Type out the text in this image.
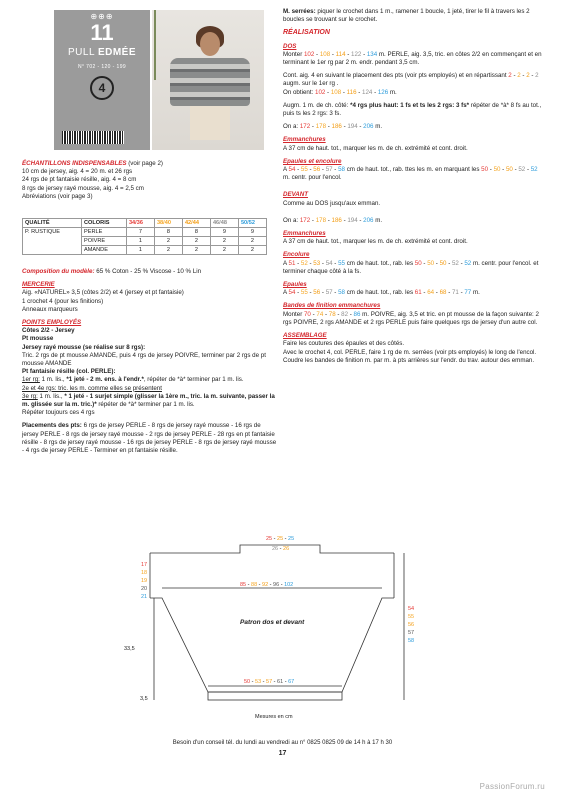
⊕⊕⊕
11
PULL EDMÉE
N° 702 - 120 - 199
4

ÉCHANTILLONS INDISPENSABLES (voir page 2)

10 cm de jersey, aig. 4 = 20 m. et 26 rgs

24 rgs de pt fantaisie résille, aig. 4 = 8 cm

8 rgs de jersey rayé mousse, aig. 4 = 2,5 cm

Abréviations (voir page 3)

QUALITÉ	COLORIS	34/36	38/40	42/44	46/48	50/52
P. RUSTIQUE	PERLE	7	8	8	9	9
	POIVRE	1	2	2	2	2
	AMANDE	1	2	2	2	2

Composition du modèle: 65 % Coton - 25 % Viscose - 10 % Lin

MERCERIE

Aig. «NATUREL» 3,5 (côtes 2/2) et 4 (jersey et pt fantaisie)

1 crochet 4 (pour les finitions)

Anneaux marqueurs

POINTS EMPLOYÉS

Côtes 2/2 - Jersey

Pt mousse

Jersey rayé mousse (se réalise sur 8 rgs):

Tric. 2 rgs de pt mousse AMANDE, puis 4 rgs de jersey POIVRE, terminer par 2 rgs de pt mousse AMANDE

Pt fantaisie résille (col. PERLE):

1er rg: 1 m. lis., *1 jeté - 2 m. ens. à l'endr.*, répéter de *à* terminer par 1 m. lis.

2e et 4e rgs: tric. les m. comme elles se présentent

3e rg: 1 m. lis., * 1 jeté - 1 surjet simple (glisser la 1ère m., tric. la m. suivante, passer la m. glissée sur la m. tric.)* répéter de *à* terminer par 1 m. lis.

Répéter toujours ces 4 rgs

Placements des pts: 6 rgs de jersey PERLE - 8 rgs de jersey rayé mousse - 16 rgs de jersey PERLE - 8 rgs de jersey rayé mousse - 2 rgs de jersey PERLE - 28 rgs en pt fantaisie résille - 8 rgs de jersey rayé mousse - 16 rgs de jersey PERLE - 8 rgs de jersey rayé mousse - 4 rgs de jersey PERLE - Terminer en pt fantaisie résille.

M. serrées: piquer le crochet dans 1 m., ramener 1 boucle, 1 jeté, tirer le fil à travers les 2 boucles se trouvant sur le crochet.

RÉALISATION

DOS

Monter 102 - 108 - 114 - 122 - 134 m. PERLE, aig. 3,5, tric. en côtes 2/2 en commençant et en terminant le 1er rg par 2 m. endr. pendant 3,5 cm.

Cont. aig. 4 en suivant le placement des pts (voir pts employés) et en répartissant 2 - 2 - 2 - 2 augm. sur le 1er rg .

On obtient: 102 - 108 - 116 - 124 - 126 m.

Augm. 1 m. de ch. côté: *4 rgs plus haut: 1 fs et ts les 2 rgs: 3 fs* répéter de *à* 8 fs au tot., puis ts les 2 rgs: 3 fs.

On a: 172 - 178 - 186 - 194 - 206 m.

Emmanchures

A 37 cm de haut. tot., marquer les m. de ch. extrémité et cont. droit.

Epaules et encolure

A 54 - 55 - 56 - 57 - 58 cm de haut. tot., rab. ttes les m. en marquant les 50 - 50 - 50 - 52 - 52 m. centr. pour l'encol.

DEVANT

Comme au DOS jusqu'aux emman.

On a: 172 - 178 - 186 - 194 - 206 m.

Emmanchures

A 37 cm de haut. tot., marquer les m. de ch. extrémité et cont. droit.

Encolure

A 51 - 52 - 53 - 54 - 55 cm de haut. tot., rab. les 50 - 50 - 50 - 52 - 52 m. centr. pour l'encol. et terminer chaque côté à la fs.

Epaules

A 54 - 55 - 56 - 57 - 58 cm de haut. tot., rab. les 61 - 64 - 68 - 71 - 77 m.

Bandes de finition emmanchures

Monter 70 - 74 - 78 - 82 - 86 m. POIVRE, aig. 3,5 et tric. en pt mousse de la façon suivante: 2 rgs POIVRE, 2 rgs AMANDE et 2 rgs PERLE puis faire quelques rgs de jersey d'un autre col.

ASSEMBLAGE

Faire les coutures des épaules et des côtés.

Avec le crochet 4, col. PERLE, faire 1 rg de m. serrées (voir pts employés) le long de l'encol.

Coudre les bandes de finition m. par m. à pts arrières sur l'endr. du trav. autour des emman.

25 - 25 - 25
26 - 26
85 - 88 - 92 - 96 - 102
50 - 53 - 57 - 61 - 67
17
18
19
20
21
54
55
56
57
58
Patron dos et devant
33,5
3,5
Mesures en cm
Besoin d'un conseil tél. du lundi au vendredi au n° 0825 0825 09 de 14 h à 17 h 30
17
PassionForum.ru
